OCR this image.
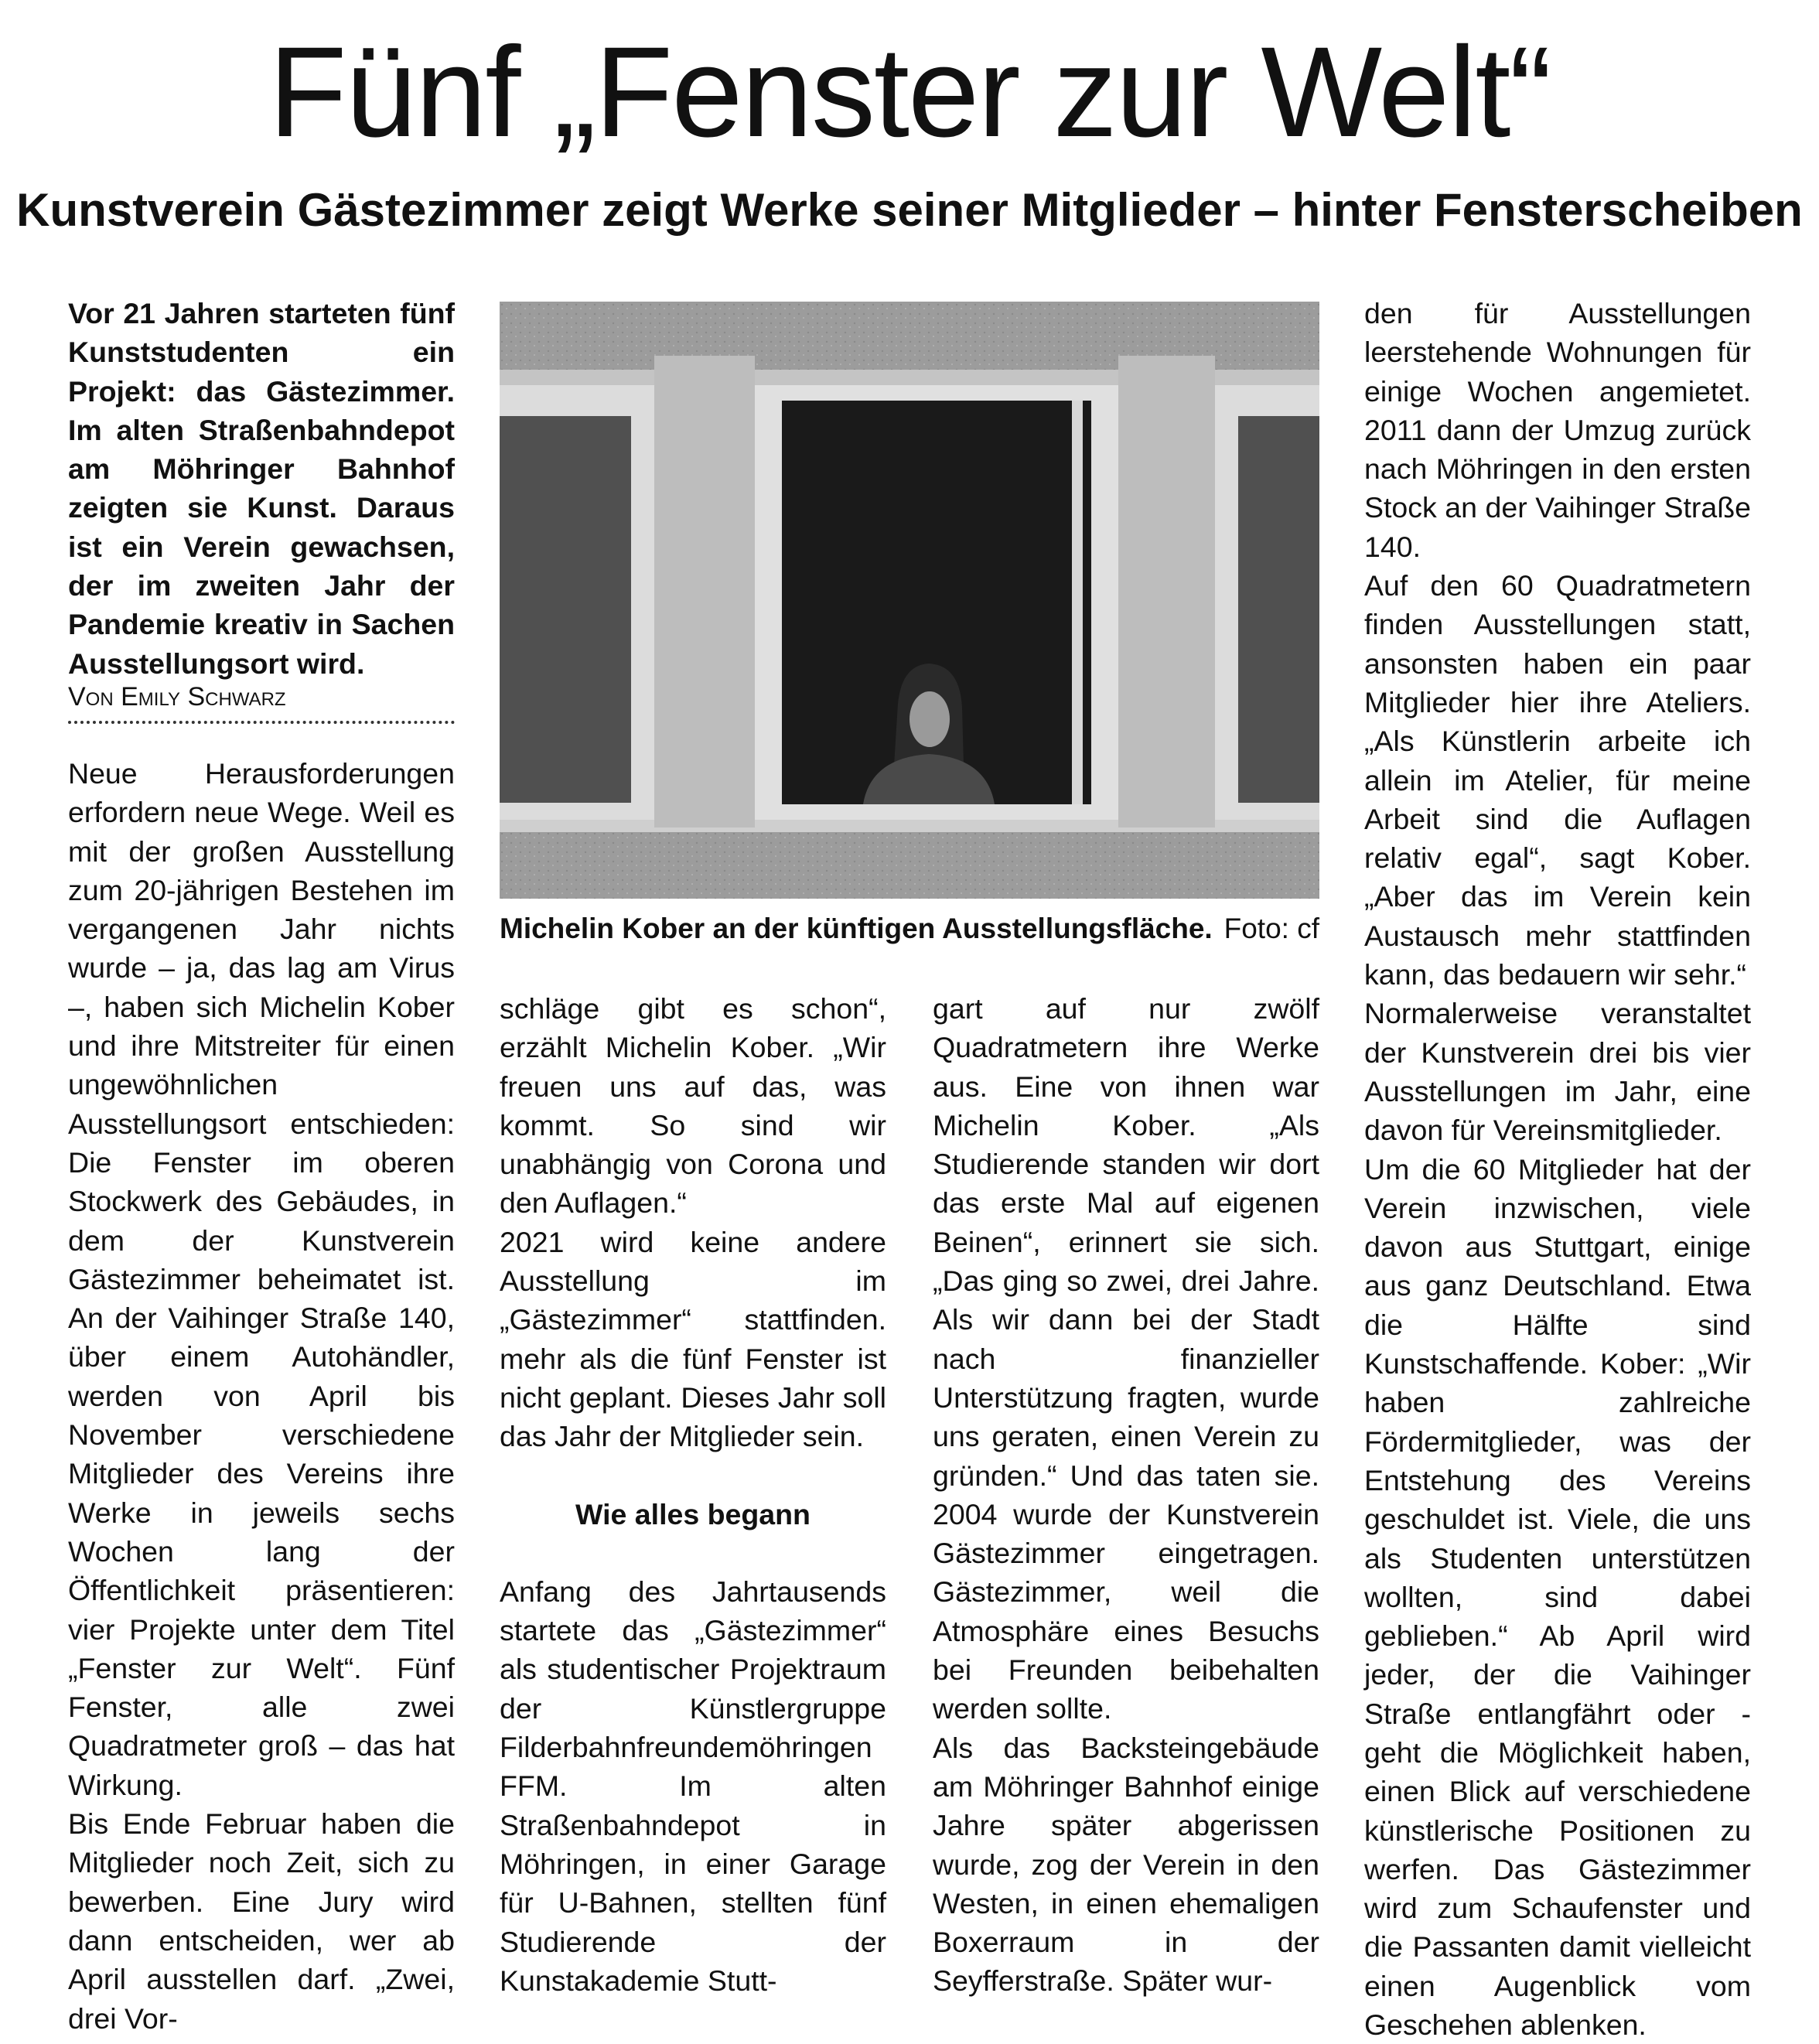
Fünf „Fenster zur Welt“
Kunstverein Gästezimmer zeigt Werke seiner Mitglieder – hinter Fensterscheiben

Vor 21 Jahren starteten fünf Kunststudenten ein Projekt: das Gästezimmer. Im alten Straßenbahndepot am Möhringer Bahnhof zeigten sie Kunst. Daraus ist ein Verein gewachsen, der im zweiten Jahr der Pandemie kreativ in Sachen Ausstellungsort wird.

Von Emily Schwarz

Neue Herausforderungen erfordern neue Wege. Weil es mit der großen Ausstellung zum 20-jährigen Bestehen im vergangenen Jahr nichts wurde – ja, das lag am Virus –, haben sich Michelin Kober und ihre Mitstreiter für einen ungewöhnlichen Ausstellungsort entschieden: Die Fenster im oberen Stockwerk des Gebäudes, in dem der Kunstverein Gästezimmer beheimatet ist. An der Vaihinger Straße 140, über einem Autohändler, werden von April bis November verschiedene Mitglieder des Vereins ihre Werke in jeweils sechs Wochen lang der Öffentlichkeit präsentieren: vier Projekte unter dem Titel „Fenster zur Welt“. Fünf Fenster, alle zwei Quadratmeter groß – das hat Wirkung.

Bis Ende Februar haben die Mitglieder noch Zeit, sich zu bewerben. Eine Jury wird dann entscheiden, wer ab April ausstellen darf. „Zwei, drei Vor-

Michelin Kober an der künftigen Ausstellungsfläche. Foto: cf

schläge gibt es schon“, erzählt Michelin Kober. „Wir freuen uns auf das, was kommt. So sind wir unabhängig von Corona und den Auflagen.“

2021 wird keine andere Ausstellung im „Gästezimmer“ stattfinden. mehr als die fünf Fenster ist nicht geplant. Dieses Jahr soll das Jahr der Mitglieder sein.

Wie alles begann

Anfang des Jahrtausends startete das „Gästezimmer“ als studentischer Projektraum der Künstlergruppe Filderbahnfreundemöhringen FFM. Im alten Straßenbahndepot in Möhringen, in einer Garage für U-Bahnen, stellten fünf Studierende der Kunstakademie Stutt-

gart auf nur zwölf Quadratmetern ihre Werke aus. Eine von ihnen war Michelin Kober. „Als Studierende standen wir dort das erste Mal auf eigenen Beinen“, erinnert sie sich. „Das ging so zwei, drei Jahre. Als wir dann bei der Stadt nach finanzieller Unterstützung fragten, wurde uns geraten, einen Verein zu gründen.“ Und das taten sie. 2004 wurde der Kunstverein Gästezimmer eingetragen. Gästezimmer, weil die Atmosphäre eines Besuchs bei Freunden beibehalten werden sollte.

Als das Backsteingebäude am Möhringer Bahnhof einige Jahre später abgerissen wurde, zog der Verein in den Westen, in einen ehemaligen Boxerraum in der Seyfferstraße. Später wur-

den für Ausstellungen leerstehende Wohnungen für einige Wochen angemietet. 2011 dann der Umzug zurück nach Möhringen in den ersten Stock an der Vaihinger Straße 140.

Auf den 60 Quadratmetern finden Ausstellungen statt, ansonsten haben ein paar Mitglieder hier ihre Ateliers. „Als Künstlerin arbeite ich allein im Atelier, für meine Arbeit sind die Auflagen relativ egal“, sagt Kober. „Aber das im Verein kein Austausch mehr stattfinden kann, das bedauern wir sehr.“

Normalerweise veranstaltet der Kunstverein drei bis vier Ausstellungen im Jahr, eine davon für Vereinsmitglieder.

Um die 60 Mitglieder hat der Verein inzwischen, viele davon aus Stuttgart, einige aus ganz Deutschland. Etwa die Hälfte sind Kunstschaffende. Kober: „Wir haben zahlreiche Fördermitglieder, was der Entstehung des Vereins geschuldet ist. Viele, die uns als Studenten unterstützen wollten, sind dabei geblieben.“ Ab April wird jeder, der die Vaihinger Straße entlangfährt oder -geht die Möglichkeit haben, einen Blick auf verschiedene künstlerische Positionen zu werfen. Das Gästezimmer wird zum Schaufenster und die Passanten damit vielleicht einen Augenblick vom Geschehen ablenken.
